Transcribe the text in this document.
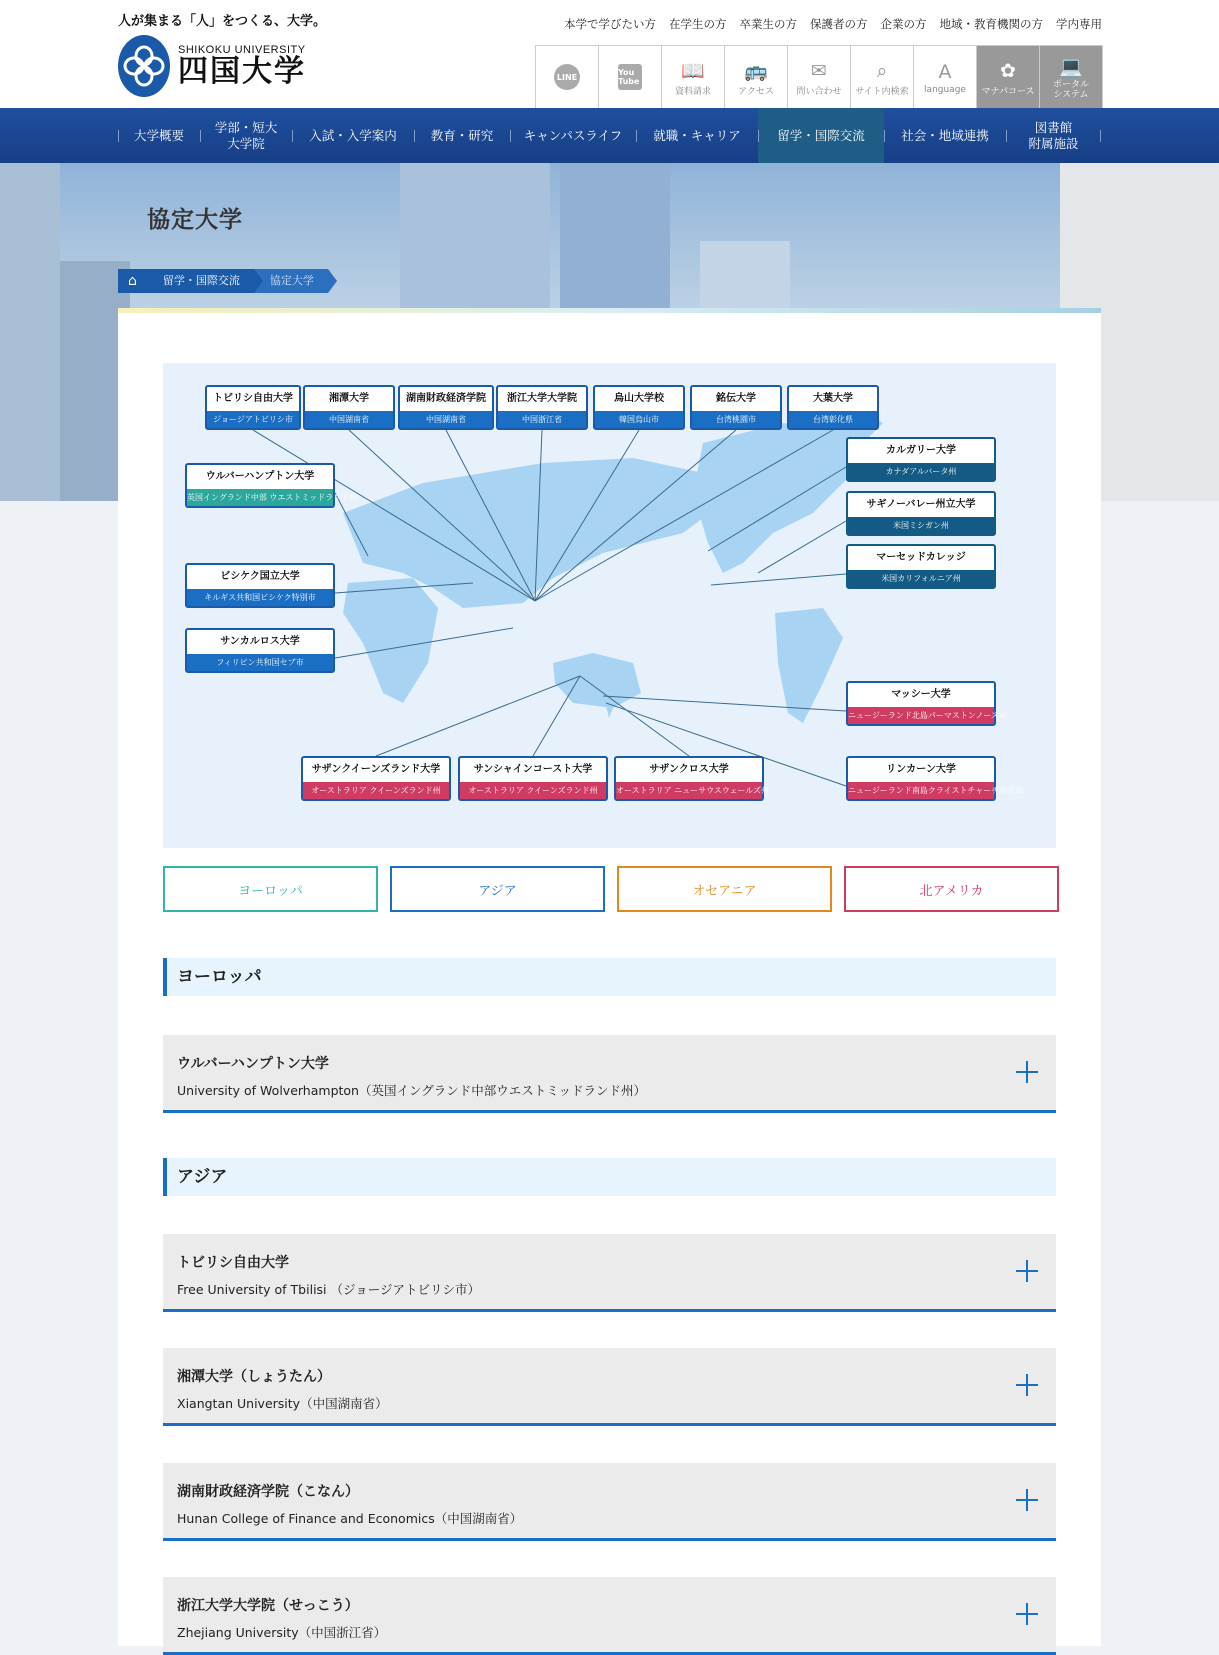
人が集まる「人」をつくる、大学。
SHIKOKU UNIVERSITY
四国大学
本学で学びたい方 在学生の方 卒業生の方 保護者の方 企業の方 地域・教育機関の方 学内専用
LINE	You Tube 📖
資料請求
🚌
アクセス
✉
問い合わせ
⌕
サイト内検索
A
language
✿
マナパコース
💻
ポータル
システム
大学概要
学部・短大
大学院
入試・入学案内	教育・研究	キャンパスライフ	就職・キャリア	留学・国際交流	社会・地域連携
図書館
附属施設
協定大学
⌂	留学・国際交流	協定大学
トビリシ自由大学
ジョージアトビリシ市
湘潭大学
中国湖南省
湖南財政経済学院
中国湖南省
浙江大学大学院
中国浙江省
烏山大学校
韓国烏山市
銘伝大学
台湾桃園市
大葉大学
台湾彰化県
ウルバーハンプトン大学
英国イングランド中部 ウエストミッドランド州
ビシケク国立大学
キルギス共和国ビシケク特別市
サンカルロス大学
フィリピン共和国セブ市
カルガリー大学
カナダアルバータ州
サギノーバレー州立大学
米国ミシガン州
マーセッドカレッジ
米国カリフォルニア州
マッシー大学
ニュージーランド北島パーマストンノース市
リンカーン大学
ニュージーランド南島クライストチャーチ市近郊
サザンクイーンズランド大学
オーストラリア クイーンズランド州
サンシャインコースト大学
オーストラリア クイーンズランド州
サザンクロス大学
オーストラリア ニューサウスウェールズ州
ヨーロッパ	アジア	オセアニア	北アメリカ
ヨーロッパ
ウルバーハンプトン大学
University of Wolverhampton（英国イングランド中部ウエストミッドランド州）
アジア
トビリシ自由大学
Free University of Tbilisi （ジョージアトビリシ市）
湘潭大学（しょうたん）
Xiangtan University（中国湖南省）
湖南財政経済学院（こなん）
Hunan College of Finance and Economics（中国湖南省）
浙江大学大学院（せっこう）
Zhejiang University（中国浙江省）
